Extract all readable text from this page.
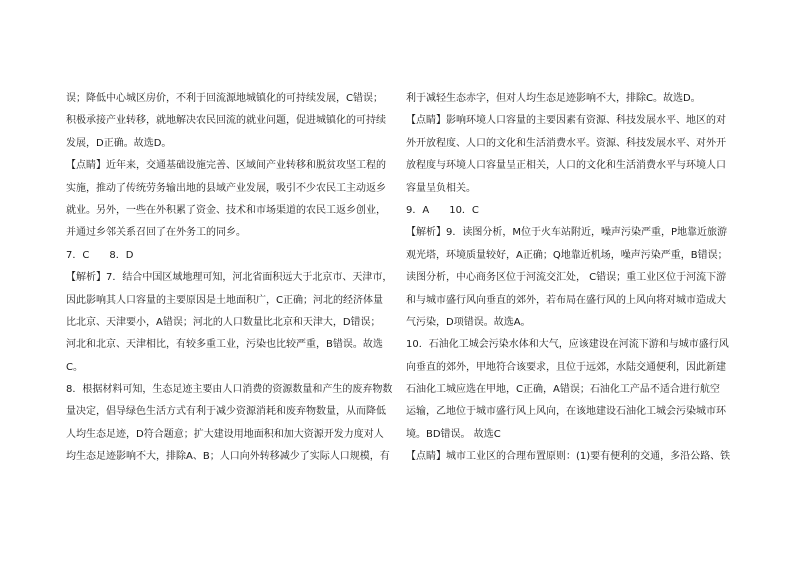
误；降低中心城区房价，不利于回流源地城镇化的可持续发展，C错误；
积极承接产业转移，就地解决农民回流的就业问题，促进城镇化的可持续
发展，D正确。故选D。
【点睛】近年来，交通基础设施完善、区域间产业转移和脱贫攻坚工程的
实施，推动了传统劳务输出地的县域产业发展，吸引不少农民工主动返乡
就业。另外，一些在外积累了资金、技术和市场渠道的农民工返乡创业，
并通过乡邻关系召回了在外务工的同乡。
7．C　　8．D
【解析】7．结合中国区域地理可知，河北省面积远大于北京市、天津市，
因此影响其人口容量的主要原因是土地面积广，C正确；河北的经济体量
比北京、天津要小，A错误；河北的人口数量比北京和天津大，D错误；
河北和北京、天津相比，有较多重工业，污染也比较严重，B错误。故选
C。
8．根据材料可知，生态足迹主要由人口消费的资源数量和产生的废弃物数
量决定，倡导绿色生活方式有利于减少资源消耗和废弃物数量，从而降低
人均生态足迹，D符合题意；扩大建设用地面积和加大资源开发力度对人
均生态足迹影响不大，排除A、B；人口向外转移减少了实际人口规模，有
利于减轻生态赤字，但对人均生态足迹影响不大，排除C。故选D。
【点睛】影响环境人口容量的主要因素有资源、科技发展水平、地区的对
外开放程度、人口的文化和生活消费水平。资源、科技发展水平、对外开
放程度与环境人口容量呈正相关，人口的文化和生活消费水平与环境人口
容量呈负相关。
9．A　　10．C
【解析】9．读图分析，M位于火车站附近，噪声污染严重，P地靠近旅游
观光塔，环境质量较好，A正确；Q地靠近机场，噪声污染严重，B错误；
读图分析，中心商务区位于河流交汇处， C错误；重工业区位于河流下游
和与城市盛行风向垂直的郊外，若布局在盛行风的上风向将对城市造成大
气污染，D项错误。故选A。
10．石油化工城会污染水体和大气，应该建设在河流下游和与城市盛行风
向垂直的郊外，甲地符合该要求，且位于远郊，水陆交通便利，因此新建
石油化工城应选在甲地，C正确，A错误；石油化工产品不适合进行航空
运输，乙地位于城市盛行风上风向，在该地建设石油化工城会污染城市环
境。BD错误。 故选C
【点睛】城市工业区的合理布置原则：(1)要有便利的交通，多沿公路、铁
